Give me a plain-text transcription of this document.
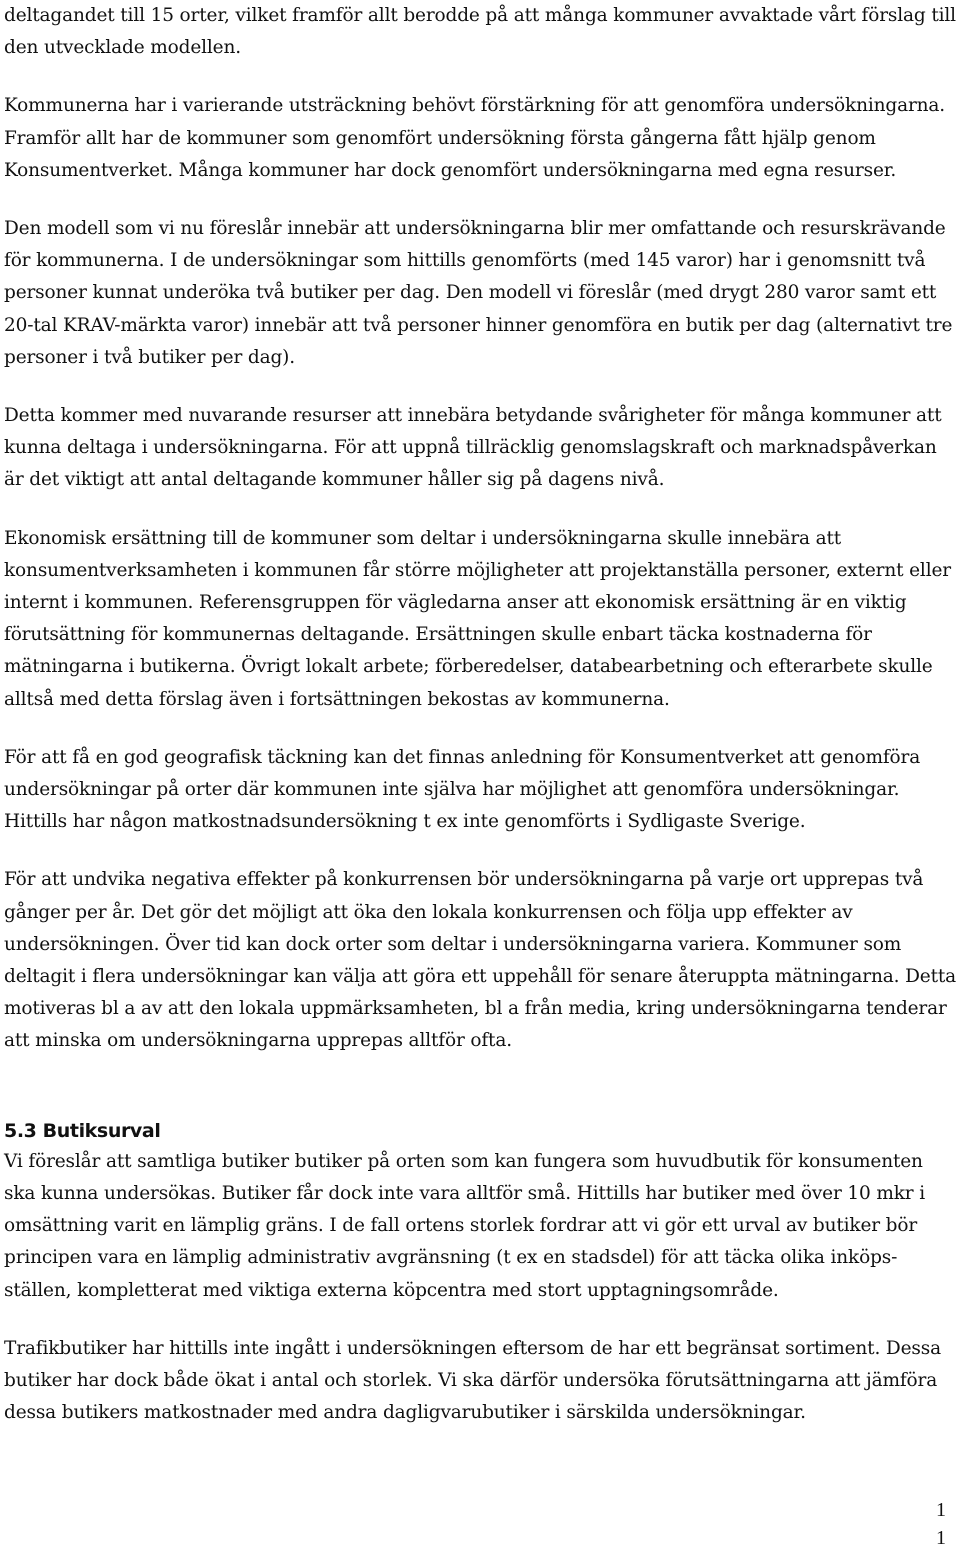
deltagandet till 15 orter, vilket framför allt berodde på att många kommuner avvaktade vårt förslag till den utvecklade modellen.

Kommunerna har i varierande utsträckning behövt förstärkning för att genomföra undersökningarna. Framför allt har de kommuner som genomfört undersökning första gångerna fått hjälp genom Konsumentverket. Många kommuner har dock genomfört undersökningarna med egna resurser.

Den modell som vi nu föreslår innebär att undersökningarna blir mer omfattande och resurskrävande för kommunerna. I de undersökningar som hittills genomförts (med 145 varor) har i genomsnitt två personer kunnat underöka två butiker per dag. Den modell vi föreslår (med drygt 280 varor samt ett 20-tal KRAV-märkta varor) innebär att två personer hinner genomföra en butik per dag (alternativt tre personer i två butiker per dag).

Detta kommer med nuvarande resurser att innebära betydande svårigheter för många kommuner att kunna deltaga i undersökningarna. För att uppnå tillräcklig genomslagskraft och marknadspåverkan är det viktigt att antal deltagande kommuner håller sig på dagens nivå.

Ekonomisk ersättning till de kommuner som deltar i undersökningarna skulle innebära att konsumentverksamheten i kommunen får större möjligheter att projektanställa personer, externt eller internt i kommunen. Referensgruppen för vägledarna anser att ekonomisk ersättning är en viktig förutsättning för kommunernas deltagande. Ersättningen skulle enbart täcka kostnaderna för mätningarna i butikerna. Övrigt lokalt arbete; förberedelser, databearbetning och efterarbete skulle alltså med detta förslag även i fortsättningen bekostas av kommunerna.

För att få en god geografisk täckning kan det finnas anledning för Konsumentverket att genomföra undersökningar på orter där kommunen inte själva har möjlighet att genomföra undersökningar. Hittills har någon matkostnadsundersökning t ex inte genomförts i Sydligaste Sverige.

För att undvika negativa effekter på konkurrensen bör undersökningarna på varje ort upprepas två gånger per år. Det gör det möjligt att öka den lokala konkurrensen och följa upp effekter av undersökningen. Över tid kan dock orter som deltar i undersökningarna variera. Kommuner som deltagit i flera undersökningar kan välja att göra ett uppehåll för senare återuppta mätningarna. Detta motiveras bl a av att den lokala uppmärksamheten, bl a från media, kring undersökningarna tenderar att minska om undersökningarna upprepas alltför ofta.

5.3 Butiksurval

Vi föreslår att samtliga butiker butiker på orten som kan fungera som huvudbutik för konsumenten ska kunna undersökas. Butiker får dock inte vara alltför små. Hittills har butiker med över 10 mkr i omsättning varit en lämplig gräns. I de fall ortens storlek fordrar att vi gör ett urval av butiker bör principen vara en lämplig administrativ avgränsning (t ex en stadsdel) för att täcka olika inköps-ställen, kompletterat med viktiga externa köpcentra med stort upptagningsområde.

Trafikbutiker har hittills inte ingått i undersökningen eftersom de har ett begränsat sortiment. Dessa butiker har dock både ökat i antal och storlek. Vi ska därför undersöka förutsättningarna att jämföra dessa butikers matkostnader med andra dagligvarubutiker i särskilda undersökningar.

1
1
